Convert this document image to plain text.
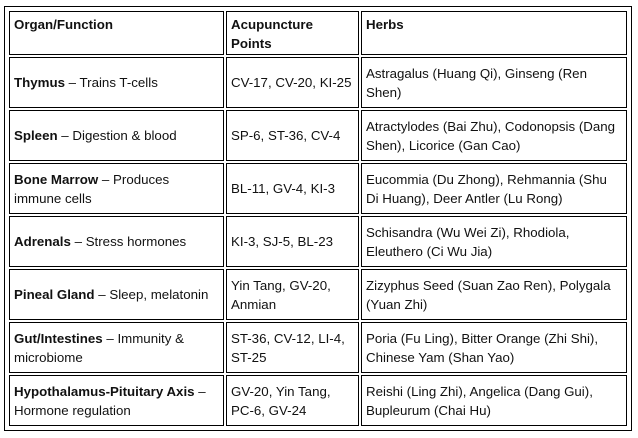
Organ/Function	Acupuncture Points	Herbs
Thymus – Trains T-cells	CV-17, CV-20, KI-25	Astragalus (Huang Qi), Ginseng (Ren Shen)
Spleen – Digestion & blood	SP-6, ST-36, CV-4	Atractylodes (Bai Zhu), Codonopsis (Dang Shen), Licorice (Gan Cao)
Bone Marrow – Produces immune cells	BL-11, GV-4, KI-3	Eucommia (Du Zhong), Rehmannia (Shu Di Huang), Deer Antler (Lu Rong)
Adrenals – Stress hormones	KI-3, SJ-5, BL-23	Schisandra (Wu Wei Zi), Rhodiola, Eleuthero (Ci Wu Jia)
Pineal Gland – Sleep, melatonin	Yin Tang, GV-20, Anmian	Zizyphus Seed (Suan Zao Ren), Polygala (Yuan Zhi)
Gut/Intestines – Immunity & microbiome	ST-36, CV-12, LI-4, ST-25	Poria (Fu Ling), Bitter Orange (Zhi Shi), Chinese Yam (Shan Yao)
Hypothalamus-Pituitary Axis – Hormone regulation	GV-20, Yin Tang, PC-6, GV-24	Reishi (Ling Zhi), Angelica (Dang Gui), Bupleurum (Chai Hu)
